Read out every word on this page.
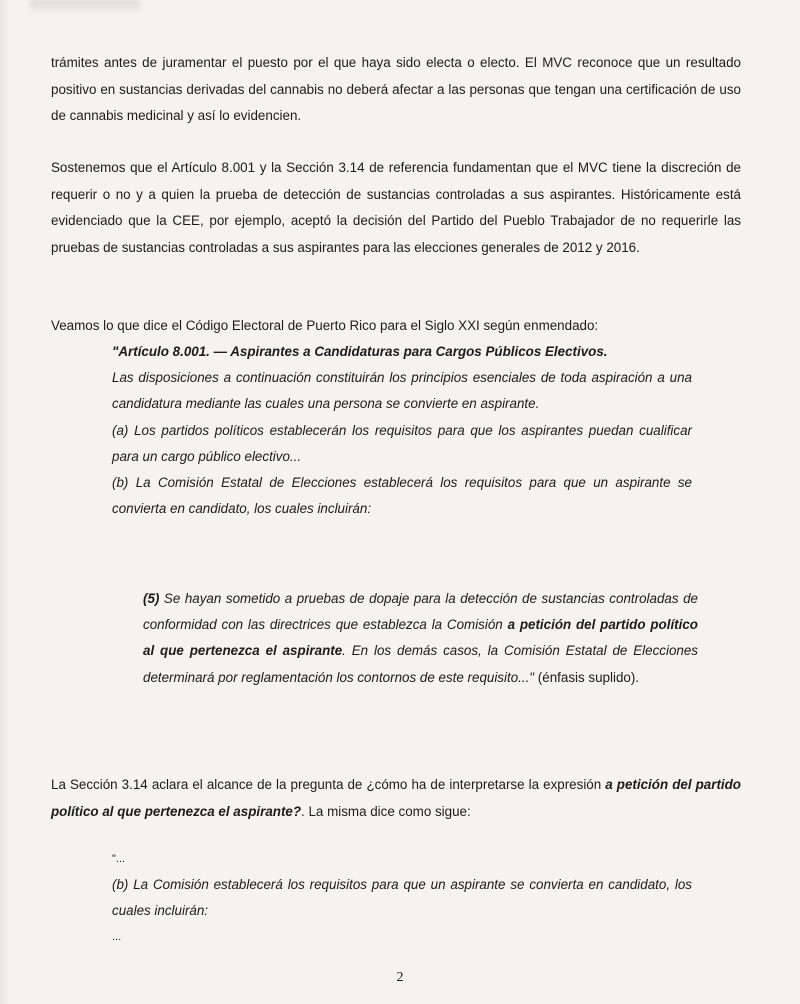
trámites antes de juramentar el puesto por el que haya sido electa o electo. El MVC reconoce que un resultado positivo en sustancias derivadas del cannabis no deberá afectar a las personas que tengan una certificación de uso de cannabis medicinal y así lo evidencien.

Sostenemos que el Artículo 8.001 y la Sección 3.14 de referencia fundamentan que el MVC tiene la discreción de requerir o no y a quien la prueba de detección de sustancias controladas a sus aspirantes. Históricamente está evidenciado que la CEE, por ejemplo, aceptó la decisión del Partido del Pueblo Trabajador de no requerirle las pruebas de sustancias controladas a sus aspirantes para las elecciones generales de 2012 y 2016.

Veamos lo que dice el Código Electoral de Puerto Rico para el Siglo XXI según enmendado:

"Artículo 8.001. — Aspirantes a Candidaturas para Cargos Públicos Electivos.

Las disposiciones a continuación constituirán los principios esenciales de toda aspiración a una candidatura mediante las cuales una persona se convierte en aspirante.

(a) Los partidos políticos establecerán los requisitos para que los aspirantes puedan cualificar para un cargo público electivo...

(b) La Comisión Estatal de Elecciones establecerá los requisitos para que un aspirante se convierta en candidato, los cuales incluirán:

(5) Se hayan sometido a pruebas de dopaje para la detección de sustancias controladas de conformidad con las directrices que establezca la Comisión a petición del partido político al que pertenezca el aspirante. En los demás casos, la Comisión Estatal de Elecciones determinará por reglamentación los contornos de este requisito..." (énfasis suplido).

La Sección 3.14 aclara el alcance de la pregunta de ¿cómo ha de interpretarse la expresión a petición del partido político al que pertenezca el aspirante?. La misma dice como sigue:

"...

(b) La Comisión establecerá los requisitos para que un aspirante se convierta en candidato, los cuales incluirán:

...

2
